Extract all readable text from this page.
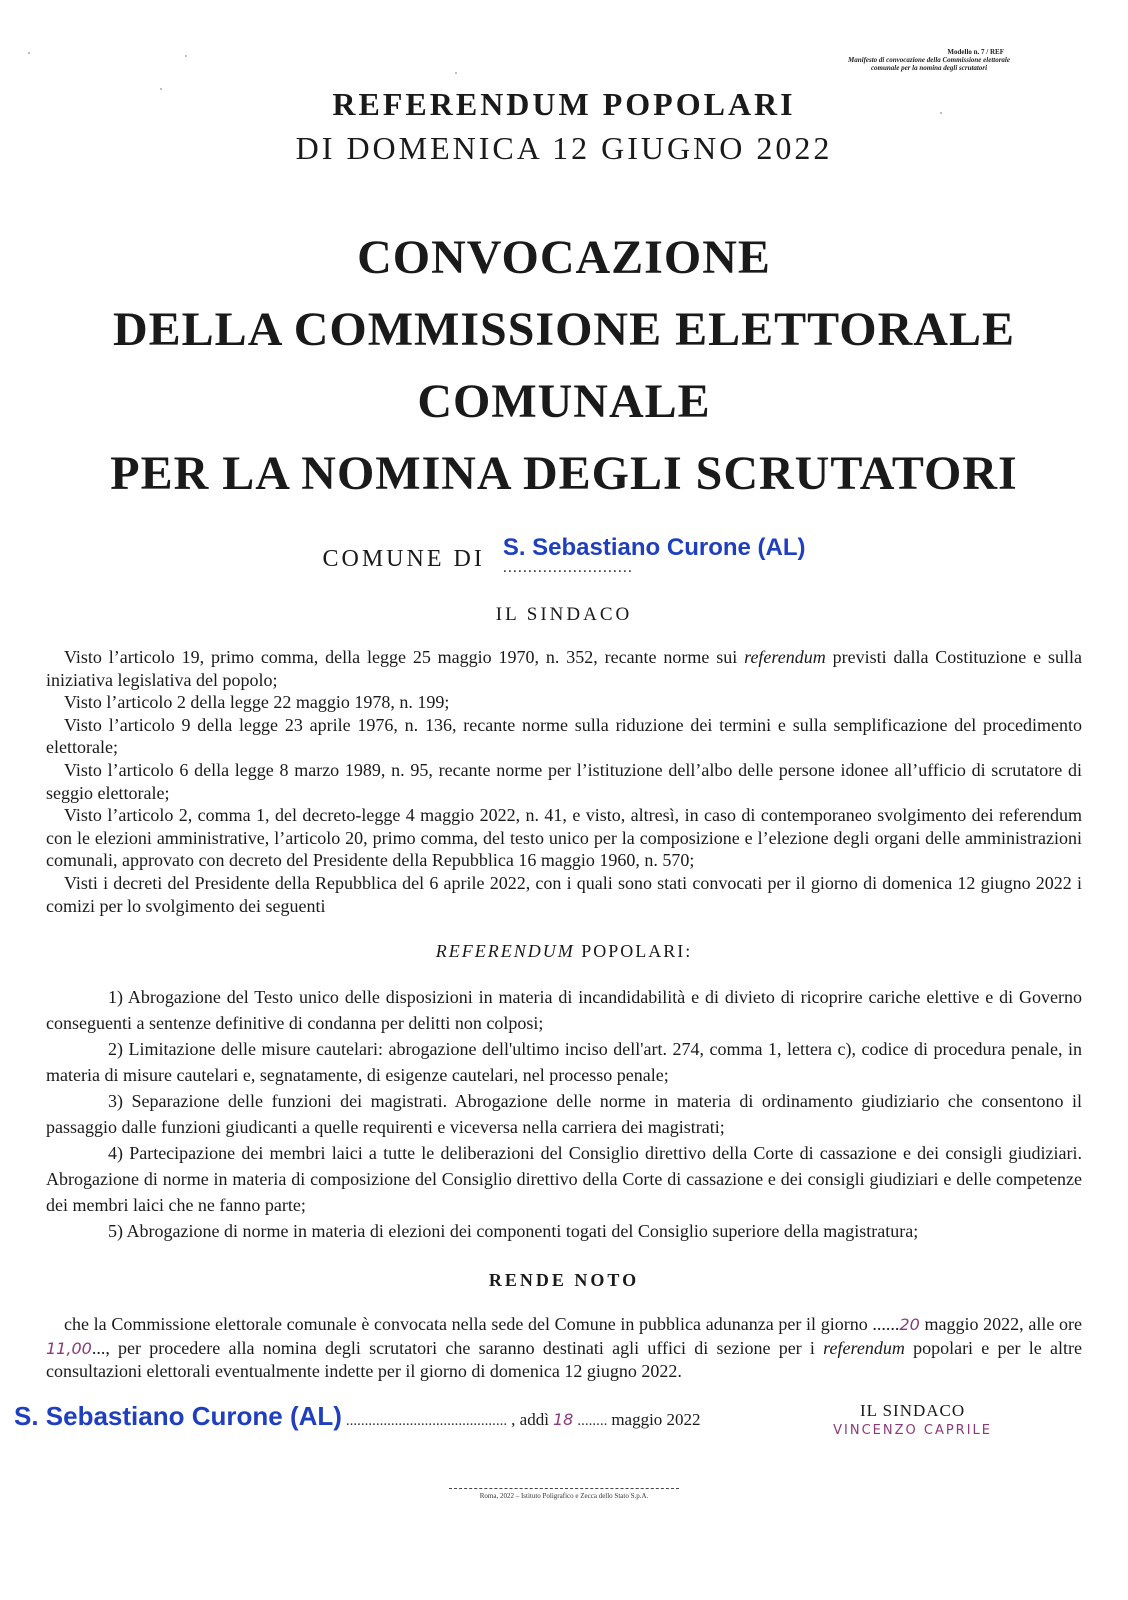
Modello n. 7 / REF
Manifesto di convocazione della Commissione elettorale
comunale per la nomina degli scrutatori
REFERENDUM POPOLARI
DI DOMENICA 12 GIUGNO 2022
CONVOCAZIONE
DELLA COMMISSIONE ELETTORALE COMUNALE
PER LA NOMINA DEGLI SCRUTATORI
COMUNE DI S. Sebastiano Curone (AL)
..........................
IL SINDACO

Visto l’articolo 19, primo comma, della legge 25 maggio 1970, n. 352, recante norme sui referendum previsti dalla Costituzione e sulla iniziativa legislativa del popolo;

Visto l’articolo 2 della legge 22 maggio 1978, n. 199;

Visto l’articolo 9 della legge 23 aprile 1976, n. 136, recante norme sulla riduzione dei termini e sulla semplificazione del procedimento elettorale;

Visto l’articolo 6 della legge 8 marzo 1989, n. 95, recante norme per l’istituzione dell’albo delle persone idonee all’ufficio di scrutatore di seggio elettorale;

Visto l’articolo 2, comma 1, del decreto-legge 4 maggio 2022, n. 41, e visto, altresì, in caso di contemporaneo svolgimento dei referendum con le elezioni amministrative, l’articolo 20, primo comma, del testo unico per la composizione e l’elezione degli organi delle amministrazioni comunali, approvato con decreto del Presidente della Repubblica 16 maggio 1960, n. 570;

Visti i decreti del Presidente della Repubblica del 6 aprile 2022, con i quali sono stati convocati per il giorno di domenica 12 giugno 2022 i comizi per lo svolgimento dei seguenti

REFERENDUM POPOLARI:

1) Abrogazione del Testo unico delle disposizioni in materia di incandidabilità e di divieto di ricoprire cariche elettive e di Governo conseguenti a sentenze definitive di condanna per delitti non colposi;

2) Limitazione delle misure cautelari: abrogazione dell'ultimo inciso dell'art. 274, comma 1, lettera c), codice di procedura penale, in materia di misure cautelari e, segnatamente, di esigenze cautelari, nel processo penale;

3) Separazione delle funzioni dei magistrati. Abrogazione delle norme in materia di ordinamento giudiziario che consentono il passaggio dalle funzioni giudicanti a quelle requirenti e viceversa nella carriera dei magistrati;

4) Partecipazione dei membri laici a tutte le deliberazioni del Consiglio direttivo della Corte di cassazione e dei consigli giudiziari. Abrogazione di norme in materia di composizione del Consiglio direttivo della Corte di cassazione e dei consigli giudiziari e delle competenze dei membri laici che ne fanno parte;

5) Abrogazione di norme in materia di elezioni dei componenti togati del Consiglio superiore della magistratura;

RENDE NOTO

che la Commissione elettorale comunale è convocata nella sede del Comune in pubblica adunanza per il giorno ......20 maggio 2022, alle ore 11,00..., per procedere alla nomina degli scrutatori che saranno destinati agli uffici di sezione per i referendum popolari e per le altre consultazioni elettorali eventualmente indette per il giorno di domenica 12 giugno 2022.

S. Sebastiano Curone (AL) ........................................... , addì 18 ........ maggio 2022	IL SINDACO
VINCENZO CAPRILE
Roma, 2022 – Istituto Poligrafico e Zecca dello Stato S.p.A.
